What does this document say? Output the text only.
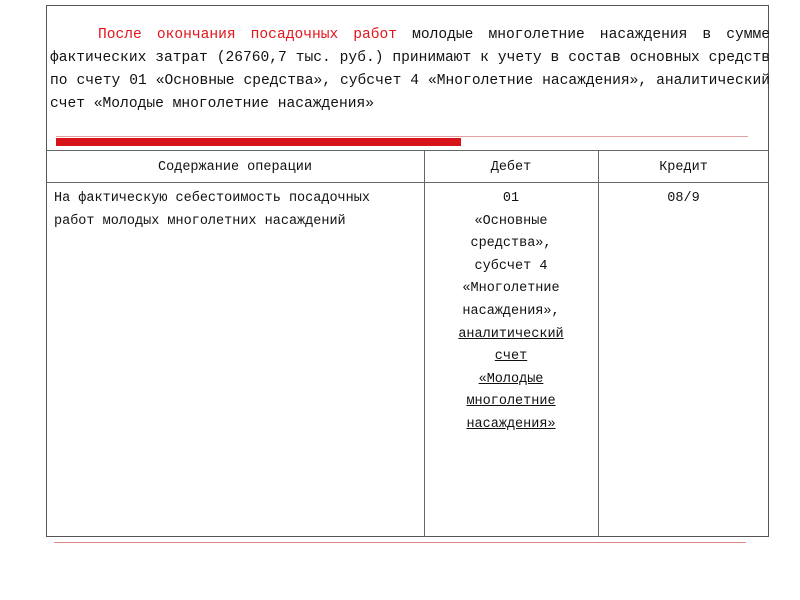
После окончания посадочных работ молодые многолетние насаждения в сумме фактических затрат (26760,7 тыс. руб.) принимают к учету в состав основных средств по счету 01 «Основные средства», субсчет 4 «Многолетние насаждения», аналитический счет «Молодые многолетние насаждения»

Содержание операции	Дебет	Кредит
На фактическую себестоимость посадочных работ молодых многолетних насаждений
01
«Основные
средства»,
субсчет 4
«Многолетние
насаждения»,
аналитический
счет
«Молодые
многолетние
насаждения»
08/9
